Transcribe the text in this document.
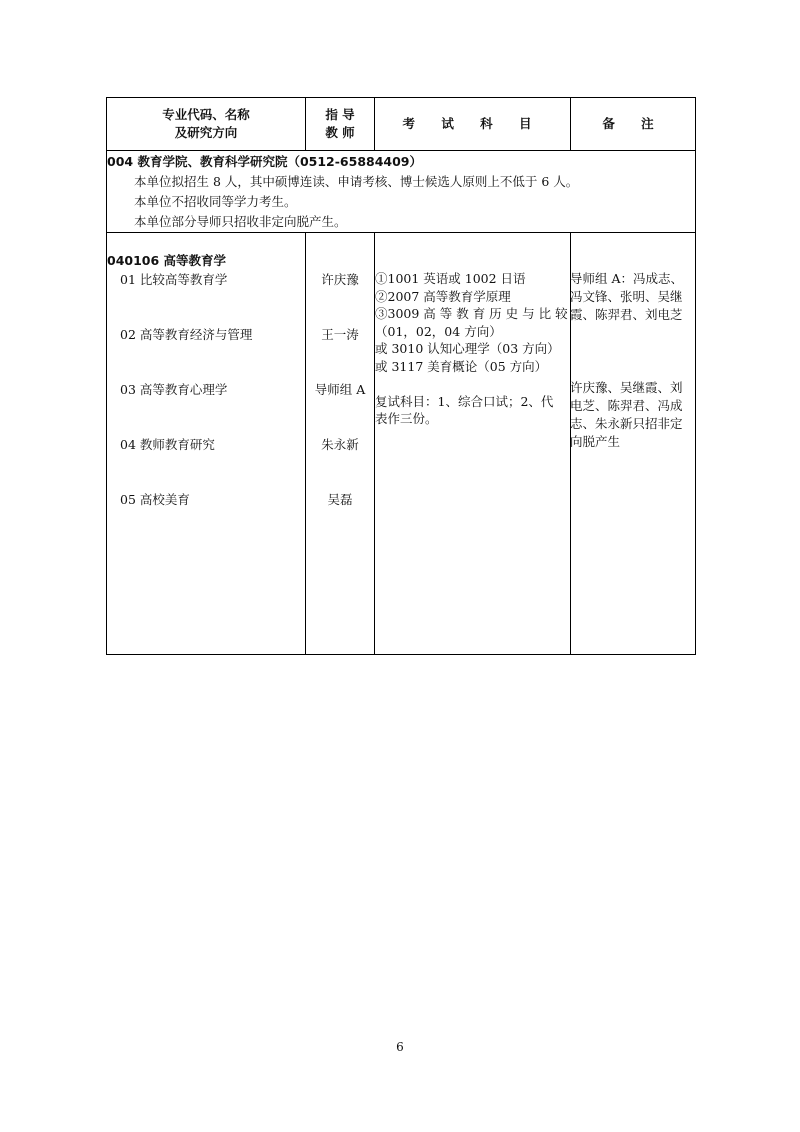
专业代码、名称
及研究方向
指 导
教 师
考 试 科 目	备 注
004 教育学院、教育科学研究院（0512-65884409）
本单位拟招生 8 人，其中硕博连读、申请考核、博士候选人原则上不低于 6 人。
本单位不招收同等学力考生。
本单位部分导师只招收非定向脱产生。
040106 高等教育学
01 比较高等教育学
02 高等教育经济与管理
03 高等教育心理学
04 教师教育研究
05 高校美育
许庆豫
王一涛
导师组 A
朱永新
吴磊
①1001 英语或 1002 日语
②2007 高等教育学原理
③3009 高 等 教 育 历 史 与 比 较
（01，02，04 方向）
或 3010 认知心理学（03 方向）
或 3117 美育概论（05 方向）
复试科目：1、综合口试；2、代
表作三份。
导师组 A：冯成志、
冯文锋、张明、吴继
霞、陈羿君、刘电芝
许庆豫、吴继霞、刘
电芝、陈羿君、冯成
志、朱永新只招非定
向脱产生
6
